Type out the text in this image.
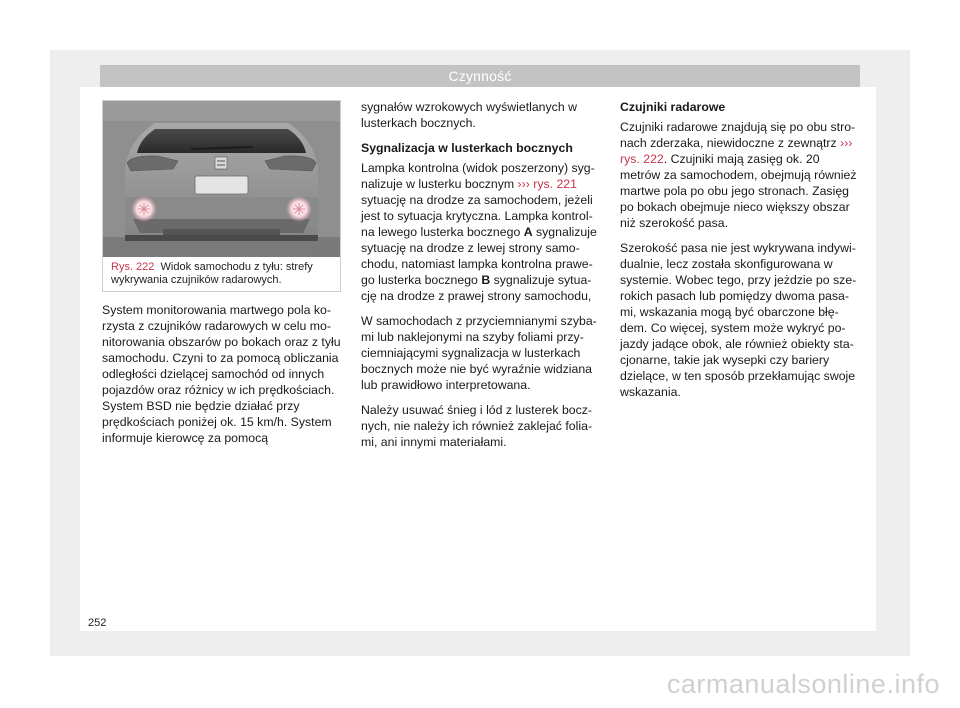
Czynność
S7V-0870
Rys. 222 Widok samochodu z tyłu: strefy wykrywania czujników radarowych.

System monitorowania martwego pola korzysta z czujników radarowych w celu monitorowania obszarów po bokach oraz z tyłu samochodu. Czyni to za pomocą obliczania odległości dzielącej samochód od innych pojazdów oraz różnicy w ich prędkościach. System BSD nie będzie działać przy prędkościach poniżej ok. 15 km/h. System informuje kierowcę za pomocą

sygnałów wzrokowych wyświetlanych w lusterkach bocznych.

Sygnalizacja w lusterkach bocznych

Lampka kontrolna (widok poszerzony) sygnalizuje w lusterku bocznym ››› rys. 221 sytuację na drodze za samochodem, jeżeli jest to sytuacja krytyczna. Lampka kontrolna lewego lusterka bocznego A sygnalizuje sytuację na drodze z lewej strony samochodu, natomiast lampka kontrolna prawego lusterka bocznego B sygnalizuje sytuację na drodze z prawej strony samochodu,

W samochodach z przyciemnianymi szybami lub naklejonymi na szyby foliami przyciemniającymi sygnalizacja w lusterkach bocznych może nie być wyraźnie widziana lub prawidłowo interpretowana.

Należy usuwać śnieg i lód z lusterek bocznych, nie należy ich również zaklejać foliami, ani innymi materiałami.

Czujniki radarowe

Czujniki radarowe znajdują się po obu stronach zderzaka, niewidoczne z zewnątrz ››› rys. 222. Czujniki mają zasięg ok. 20 metrów za samochodem, obejmują również martwe pola po obu jego stronach. Zasięg po bokach obejmuje nieco większy obszar niż szerokość pasa.

Szerokość pasa nie jest wykrywana indywidualnie, lecz została skonfigurowana w systemie. Wobec tego, przy jeżdzie po szerokich pasach lub pomiędzy dwoma pasami, wskazania mogą być obarczone błędem. Co więcej, system może wykryć pojazdy jadące obok, ale również obiekty stacjonarne, takie jak wysepki czy bariery dzielące, w ten sposób przekłamując swoje wskazania.

252
carmanualsonline.info
